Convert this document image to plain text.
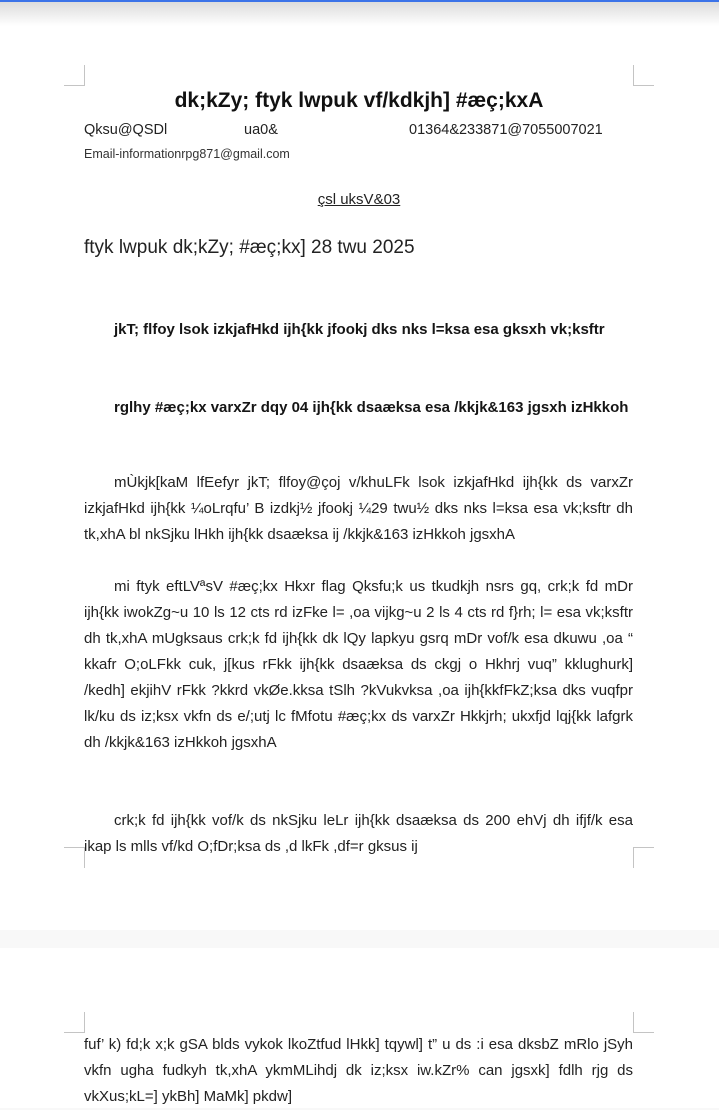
dk;kZy; ftyk lwpuk vf/kdkjh] #æç;kxA
Qksu@QSDl	ua0&	01364&233871@7055007021
Email-informationrpg871@gmail.com
çsl uksV&03
ftyk lwpuk dk;kZy; #æç;kx] 28 twu 2025
jkT; flfoy lsok izkjafHkd ijh{kk jfookj dks nks l=ksa esa gksxh vk;ksftr
rglhy #æç;kx varxZr dqy 04 ijh{kk dsaæksa esa /kkjk&163 jgsxh izHkkoh
mÙkjk[kaM lfEefyr jkT; flfoy@çoj v/khuLFk lsok izkjafHkd ijh{kk ds varxZr izkjafHkd ijh{kk ¼oLrqfu’ B izdkj½ jfookj ¼29 twu½ dks nks l=ksa esa vk;ksftr dh tk,xhA bl nkSjku lHkh ijh{kk dsaæksa ij /kkjk&163 izHkkoh jgsxhA
mi ftyk eftLVªsV #æç;kx Hkxr flag Qksfu;k us tkudkjh nsrs gq, crk;k fd mDr ijh{kk iwokZg~u 10 ls 12 cts rd izFke l= ,oa vijkg~u 2 ls 4 cts rd f}rh; l= esa vk;ksftr dh tk,xhA mUgksaus crk;k fd ijh{kk dk lQy lapkyu gsrq mDr vof/k esa dkuwu ,oa “ kkafr O;oLFkk cuk, j[kus rFkk ijh{kk dsaæksa ds ckgj o Hkhrj vuq” kklughurk] /kedh] ekjihV rFkk ?kkrd vkØe.kksa tSlh ?kVukvksa ,oa ijh{kkfFkZ;ksa dks vuqfpr lk/ku ds iz;ksx vkfn ds e/;utj lc fMfotu #æç;kx ds varxZr Hkkjrh; ukxfjd lqj{kk lafgrk dh /kkjk&163 izHkkoh jgsxhA
crk;k fd ijh{kk vof/k ds nkSjku leLr ijh{kk dsaæksa ds 200 ehVj dh ifjf/k esa ikap ls mlls vf/kd O;fDr;ksa ds ,d lkFk ,df=r gksus ij
fuf’ k) fd;k x;k gSA blds vykok lkoZtfud lHkk] tqywl] t” u ds :i esa dksbZ mRlo jSyh vkfn ugha fudkyh tk,xhA ykmMLihdj dk iz;ksx iw.kZr% can jgsxk] fdlh rjg ds vkXus;kL=] ykBh] MaMk] pkdw]
